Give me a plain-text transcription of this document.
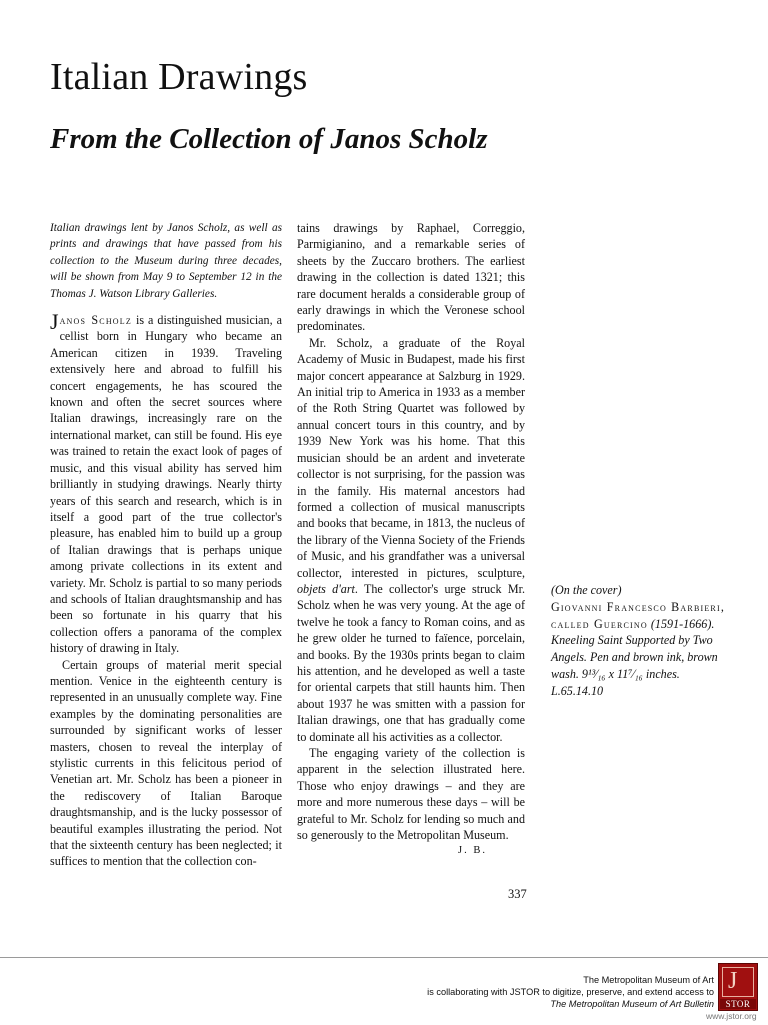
Italian Drawings
From the Collection of Janos Scholz

Italian drawings lent by Janos Scholz, as well as prints and drawings that have passed from his collection to the Museum during three decades, will be shown from May 9 to September 12 in the Thomas J. Watson Library Galleries.

Janos Scholz is a distinguished musician, a cellist born in Hungary who became an American citizen in 1939. Traveling extensively here and abroad to fulfill his concert engagements, he has scoured the known and often the secret sources where Italian drawings, increasingly rare on the international market, can still be found. His eye was trained to retain the exact look of pages of music, and this visual ability has served him brilliantly in studying drawings. Nearly thirty years of this search and research, which is in itself a good part of the true collector's pleasure, has enabled him to build up a group of Italian drawings that is perhaps unique among private collections in its extent and variety. Mr. Scholz is partial to so many periods and schools of Italian draughtsmanship and has been so fortunate in his quarry that his collection offers a panorama of the complex history of drawing in Italy.

Certain groups of material merit special mention. Venice in the eighteenth century is represented in an unusually complete way. Fine examples by the dominating personalities are surrounded by significant works of lesser masters, chosen to reveal the interplay of stylistic currents in this felicitous period of Venetian art. Mr. Scholz has been a pioneer in the rediscovery of Italian Baroque draughtsmanship, and is the lucky possessor of beautiful examples illustrating the period. Not that the sixteenth century has been neglected; it suffices to mention that the collection con-

tains drawings by Raphael, Correggio, Parmigianino, and a remarkable series of sheets by the Zuccaro brothers. The earliest drawing in the collection is dated 1321; this rare document heralds a considerable group of early drawings in which the Veronese school predominates.

Mr. Scholz, a graduate of the Royal Academy of Music in Budapest, made his first major concert appearance at Salzburg in 1929. An initial trip to America in 1933 as a member of the Roth String Quartet was followed by annual concert tours in this country, and by 1939 New York was his home. That this musician should be an ardent and inveterate collector is not surprising, for the passion was in the family. His maternal ancestors had formed a collection of musical manuscripts and books that became, in 1813, the nucleus of the library of the Vienna Society of the Friends of Music, and his grandfather was a universal collector, interested in pictures, sculpture, objets d'art. The collector's urge struck Mr. Scholz when he was very young. At the age of twelve he took a fancy to Roman coins, and as he grew older he turned to faïence, porcelain, and books. By the 1930s prints began to claim his attention, and he developed as well a taste for oriental carpets that still haunts him. Then about 1937 he was smitten with a passion for Italian drawings, one that has gradually come to dominate all his activities as a collector.

The engaging variety of the collection is apparent in the selection illustrated here. Those who enjoy drawings – and they are more and more numerous these days – will be grateful to Mr. Scholz for lending so much and so generously to the Metropolitan Museum.

J. B.

(On the cover)

Giovanni Francesco Barbieri, called Guercino (1591-1666). Kneeling Saint Supported by Two Angels. Pen and brown ink, brown wash. 9¹³⁄₁₆ x 11⁷⁄₁₆ inches. L.65.14.10

337
The Metropolitan Museum of Art
is collaborating with JSTOR to digitize, preserve, and extend access to
The Metropolitan Museum of Art Bulletin
J
STOR
www.jstor.org
